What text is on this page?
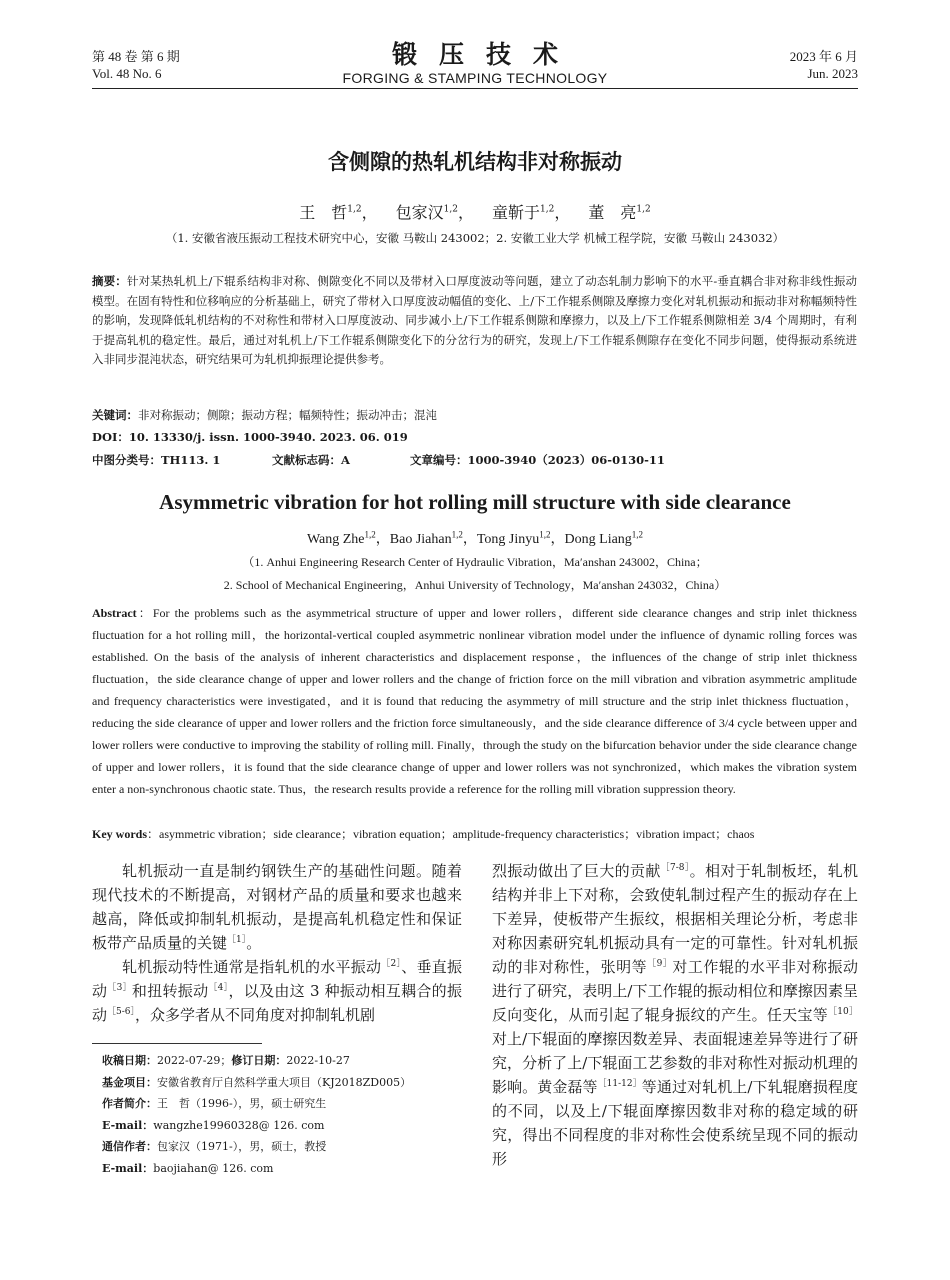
第 48 卷 第 6 期
Vol. 48 No. 6
锻压技术
FORGING & STAMPING TECHNOLOGY
2023 年 6 月
Jun. 2023
含侧隙的热轧机结构非对称振动
王　哲$^{1,2}$， 包家汉$^{1,2}$， 童靳于$^{1,2}$， 董　亮$^{1,2}$
（1. 安徽省液压振动工程技术研究中心，安徽 马鞍山 243002；2. 安徽工业大学 机械工程学院，安徽 马鞍山 243032）
摘要：针对某热轧机上/下辊系结构非对称、侧隙变化不同以及带材入口厚度波动等问题，建立了动态轧制力影响下的水平-垂直耦合非对称非线性振动模型。在固有特性和位移响应的分析基础上，研究了带材入口厚度波动幅值的变化、上/下工作辊系侧隙及摩擦力变化对轧机振动和振动非对称幅频特性的影响，发现降低轧机结构的不对称性和带材入口厚度波动、同步减小上/下工作辊系侧隙和摩擦力，以及上/下工作辊系侧隙相差 3/4 个周期时，有利于提高轧机的稳定性。最后，通过对轧机上/下工作辊系侧隙变化下的分岔行为的研究，发现上/下工作辊系侧隙存在变化不同步问题，使得振动系统进入非同步混沌状态，研究结果可为轧机抑振理论提供参考。
关键词：非对称振动；侧隙；振动方程；幅频特性；振动冲击；混沌
DOI：10. 13330/j. issn. 1000-3940. 2023. 06. 019
中图分类号：TH113. 1	文献标志码：A	文章编号：1000-3940（2023）06-0130-11
Asymmetric vibration for hot rolling mill structure with side clearance
Wang Zhe$^{1,2}$，Bao Jiahan$^{1,2}$，Tong Jinyu$^{1,2}$，Dong Liang$^{1,2}$
（1. Anhui Engineering Research Center of Hydraulic Vibration，Ma′anshan 243002，China；
2. School of Mechanical Engineering，Anhui University of Technology，Ma′anshan 243032，China）
Abstract：For the problems such as the asymmetrical structure of upper and lower rollers，different side clearance changes and strip inlet thickness fluctuation for a hot rolling mill，the horizontal-vertical coupled asymmetric nonlinear vibration model under the influence of dynamic rolling forces was established. On the basis of the analysis of inherent characteristics and displacement response，the influences of the change of strip inlet thickness fluctuation，the side clearance change of upper and lower rollers and the change of friction force on the mill vibration and vibration asymmetric amplitude and frequency characteristics were investigated，and it is found that reducing the asymmetry of mill structure and the strip inlet thickness fluctuation，reducing the side clearance of upper and lower rollers and the friction force simultaneously，and the side clearance difference of 3/4 cycle between upper and lower rollers were conductive to improving the stability of rolling mill. Finally，through the study on the bifurcation behavior under the side clearance change of upper and lower rollers，it is found that the side clearance change of upper and lower rollers was not synchronized，which makes the vibration system enter a non-synchronous chaotic state. Thus，the research results provide a reference for the rolling mill vibration suppression theory.
Key words：asymmetric vibration；side clearance；vibration equation；amplitude-frequency characteristics；vibration impact；chaos

轧机振动一直是制约钢铁生产的基础性问题。随着现代技术的不断提高，对钢材产品的质量和要求也越来越高，降低或抑制轧机振动，是提高轧机稳定性和保证板带产品质量的关键$^{[1]}$。

轧机振动特性通常是指轧机的水平振动$^{[2]}$、垂直振动$^{[3]}$和扭转振动$^{[4]}$，以及由这 3 种振动相互耦合的振动$^{[5-6]}$，众多学者从不同角度对抑制轧机剧

收稿日期：2022-07-29；修订日期：2022-10-27
基金项目：安徽省教育厅自然科学重大项目（KJ2018ZD005）
作者简介：王　哲（1996-），男，硕士研究生
E-mail：wangzhe19960328@ 126. com
通信作者：包家汉（1971-），男，硕士，教授
E-mail：baojiahan@ 126. com

烈振动做出了巨大的贡献$^{[7-8]}$。相对于轧制板坯，轧机结构并非上下对称，会致使轧制过程产生的振动存在上下差异，使板带产生振纹，根据相关理论分析，考虑非对称因素研究轧机振动具有一定的可靠性。针对轧机振动的非对称性，张明等$^{[9]}$对工作辊的水平非对称振动进行了研究，表明上/下工作辊的振动相位和摩擦因素呈反向变化，从而引起了辊身振纹的产生。任天宝等$^{[10]}$对上/下辊面的摩擦因数差异、表面辊速差异等进行了研究，分析了上/下辊面工艺参数的非对称性对振动机理的影响。黄金磊等$^{[11-12]}$等通过对轧机上/下轧辊磨损程度的不同，以及上/下辊面摩擦因数非对称的稳定域的研究，得出不同程度的非对称性会使系统呈现不同的振动形
